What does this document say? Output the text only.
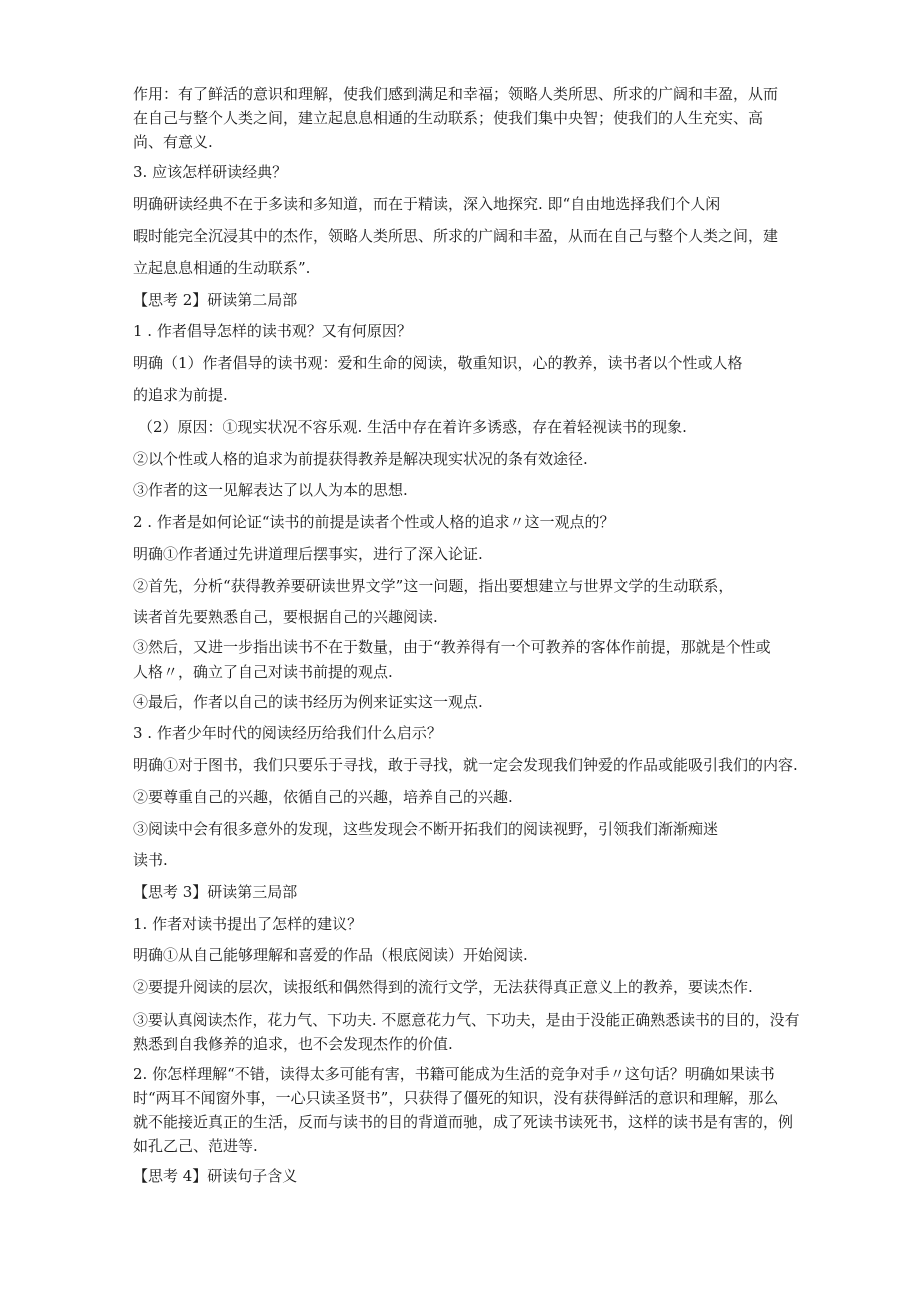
作用：有了鲜活的意识和理解，使我们感到满足和幸福；领略人类所思、所求的广阔和丰盈，从而
在自己与整个人类之间，建立起息息相通的生动联系；使我们集中央智；使我们的人生充实、高
尚、有意义.
3. 应该怎样研读经典？
明确研读经典不在于多读和多知道，而在于精读，深入地探究. 即“自由地选择我们个人闲
暇时能完全沉浸其中的杰作，领略人类所思、所求的广阔和丰盈，从而在自己与整个人类之间，建
立起息息相通的生动联系”.
【思考 2】研读第二局部
1 . 作者倡导怎样的读书观？又有何原因？
明确（1）作者倡导的读书观：爱和生命的阅读，敬重知识，心的教养，读书者以个性或人格
的追求为前提.
（2）原因：①现实状况不容乐观. 生活中存在着许多诱惑，存在着轻视读书的现象.
②以个性或人格的追求为前提获得教养是解决现实状况的条有效途径.
③作者的这一见解表达了以人为本的思想.
2 . 作者是如何论证“读书的前提是读者个性或人格的追求〃这一观点的？
明确①作者通过先讲道理后摆事实，进行了深入论证.
②首先，分析“获得教养要研读世界文学”这一问题，指出要想建立与世界文学的生动联系，
读者首先要熟悉自己，要根据自己的兴趣阅读.
③然后，又进一步指出读书不在于数量，由于“教养得有一个可教养的客体作前提，那就是个性或
人格〃，确立了自己对读书前提的观点.
④最后，作者以自己的读书经历为例来证实这一观点.
3 . 作者少年时代的阅读经历给我们什么启示？
明确①对于图书，我们只要乐于寻找，敢于寻找，就一定会发现我们钟爱的作品或能吸引我们的内容.
②要尊重自己的兴趣，依循自己的兴趣，培养自己的兴趣.
③阅读中会有很多意外的发现，这些发现会不断开拓我们的阅读视野，引领我们渐渐痴迷
读书.
【思考 3】研读第三局部
1. 作者对读书提出了怎样的建议？
明确①从自己能够理解和喜爱的作品（根底阅读）开始阅读.
②要提升阅读的层次，读报纸和偶然得到的流行文学，无法获得真正意义上的教养，要读杰作.
③要认真阅读杰作，花力气、下功夫. 不愿意花力气、下功夫，是由于没能正确熟悉读书的目的，没有
熟悉到自我修养的追求，也不会发现杰作的价值.
2. 你怎样理解“不错，读得太多可能有害，书籍可能成为生活的竞争对手〃这句话？明确如果读书
时“两耳不闻窗外事，一心只读圣贤书”，只获得了僵死的知识，没有获得鲜活的意识和理解，那么
就不能接近真正的生活，反而与读书的目的背道而驰，成了死读书读死书，这样的读书是有害的，例
如孔乙己、范进等.
【思考 4】研读句子含义
